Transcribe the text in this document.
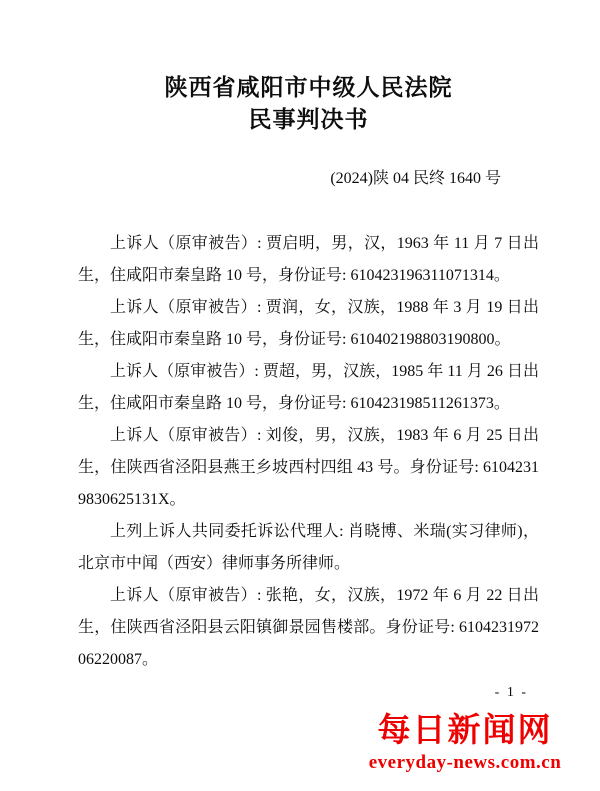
陕西省咸阳市中级人民法院
民事判决书
(2024)陕 04 民终 1640 号

上诉人（原审被告）: 贾启明，男，汉，1963 年 11 月 7 日出生，住咸阳市秦皇路 10 号，身份证号: 610423196311071314。

上诉人（原审被告）: 贾润，女，汉族，1988 年 3 月 19 日出生，住咸阳市秦皇路 10 号，身份证号: 610402198803190800。

上诉人（原审被告）: 贾超，男，汉族，1985 年 11 月 26 日出生，住咸阳市秦皇路 10 号，身份证号: 610423198511261373。

上诉人（原审被告）: 刘俊，男，汉族，1983 年 6 月 25 日出生，住陕西省泾阳县燕王乡坡西村四组 43 号。身份证号: 61042319830625131X。

上列上诉人共同委托诉讼代理人: 肖晓博、米瑞(实习律师)，北京市中闻（西安）律师事务所律师。

上诉人（原审被告）: 张艳，女，汉族，1972 年 6 月 22 日出生，住陕西省泾阳县云阳镇御景园售楼部。身份证号: 610423197206220087。

- 1 -
每日新闻网
everyday-news.com.cn
